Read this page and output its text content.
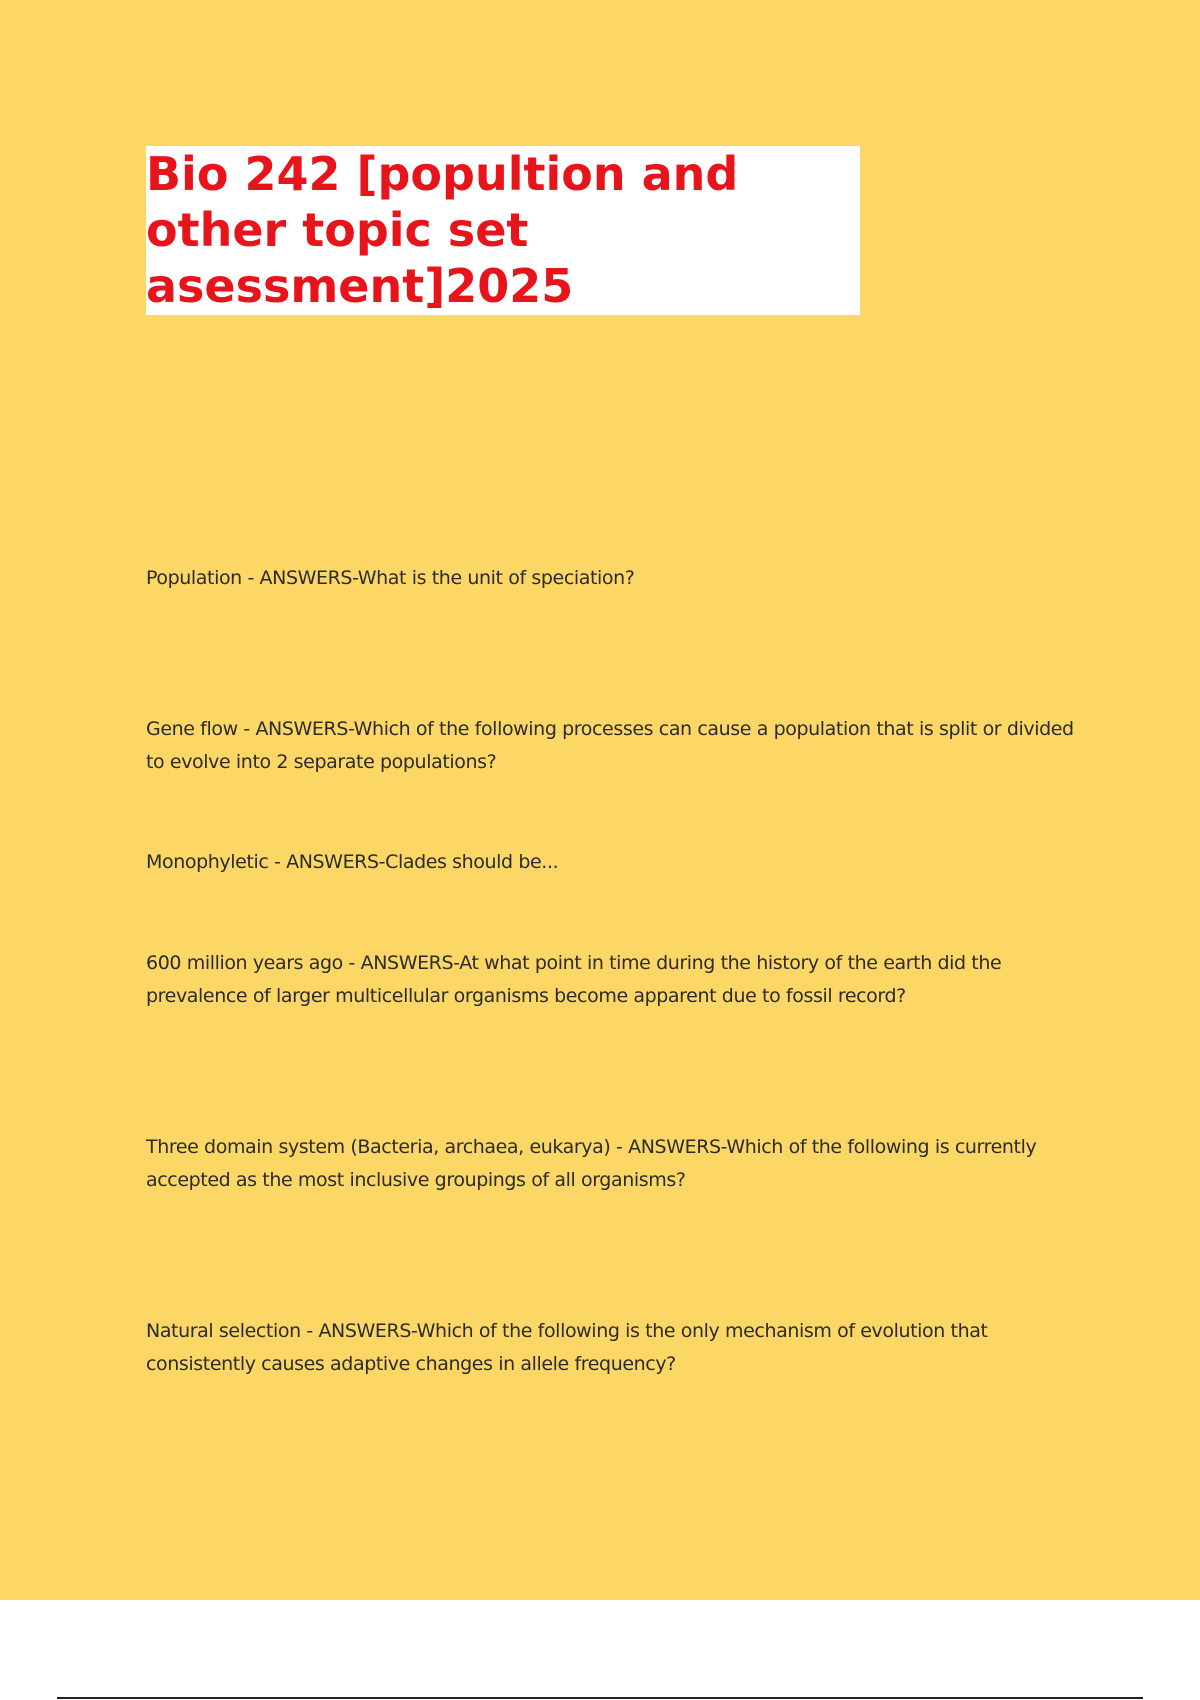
Bio 242 [popultion and other topic set asessment]2025

Population - ANSWERS-What is the unit of speciation?

Gene flow - ANSWERS-Which of the following processes can cause a population that is split or divided to evolve into 2 separate populations?

Monophyletic - ANSWERS-Clades should be...

600 million years ago - ANSWERS-At what point in time during the history of the earth did the prevalence of larger multicellular organisms become apparent due to fossil record?

Three domain system (Bacteria, archaea, eukarya) - ANSWERS-Which of the following is currently accepted as the most inclusive groupings of all organisms?

Natural selection - ANSWERS-Which of the following is the only mechanism of evolution that consistently causes adaptive changes in allele frequency?
